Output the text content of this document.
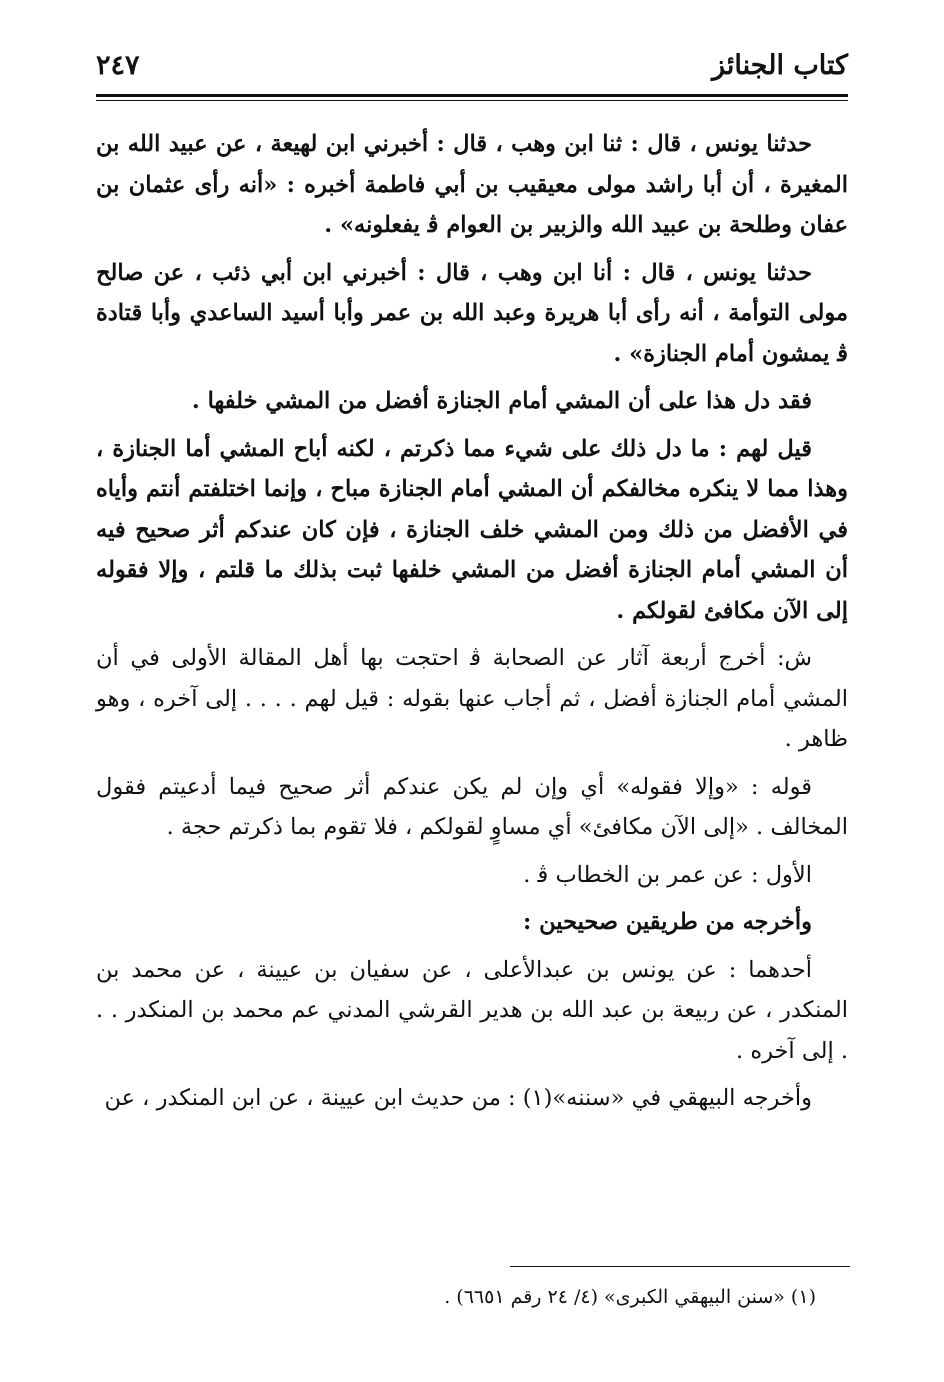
كتاب الجنائز
٢٤٧

حدثنا يونس ، قال : ثنا ابن وهب ، قال : أخبرني ابن لهيعة ، عن عبيد الله بن المغيرة ، أن أبا راشد مولى معيقيب بن أبي فاطمة أخبره : «أنه رأى عثمان بن عفان وطلحة بن عبيد الله والزبير بن العوام ﭬ يفعلونه» .

حدثنا يونس ، قال : أنا ابن وهب ، قال : أخبرني ابن أبي ذئب ، عن صالح مولى التوأمة ، أنه رأى أبا هريرة وعبد الله بن عمر وأبا أسيد الساعدي وأبا قتادة ﭬ يمشون أمام الجنازة» .

فقد دل هذا على أن المشي أمام الجنازة أفضل من المشي خلفها .

قيل لهم : ما دل ذلك على شيء مما ذكرتم ، لكنه أباح المشي أما الجنازة ، وهذا مما لا ينكره مخالفكم أن المشي أمام الجنازة مباح ، وإنما اختلفتم أنتم وأياه في الأفضل من ذلك ومن المشي خلف الجنازة ، فإن كان عندكم أثر صحيح فيه أن المشي أمام الجنازة أفضل من المشي خلفها ثبت بذلك ما قلتم ، وإلا فقوله إلى الآن مكافئ لقولكم .

ش: أخرج أربعة آثار عن الصحابة ﭬ احتجت بها أهل المقالة الأولى في أن المشي أمام الجنازة أفضل ، ثم أجاب عنها بقوله : قيل لهم . . . . إلى آخره ، وهو ظاهر .

قوله : «وإلا فقوله» أي وإن لم يكن عندكم أثر صحيح فيما أدعيتم فقول المخالف . «إلى الآن مكافئ» أي مساوٍ لقولكم ، فلا تقوم بما ذكرتم حجة .

الأول : عن عمر بن الخطاب ﭬ .

وأخرجه من طريقين صحيحين :

أحدهما : عن يونس بن عبدالأعلى ، عن سفيان بن عيينة ، عن محمد بن المنكدر ، عن ربيعة بن عبد الله بن هدير القرشي المدني عم محمد بن المنكدر . . . إلى آخره .

وأخرجه البيهقي في «سننه»(١) : من حديث ابن عيينة ، عن ابن المنكدر ، عن

(١) «سنن البيهقي الكبرى» (٤/ ٢٤ رقم ٦٦٥١) .
